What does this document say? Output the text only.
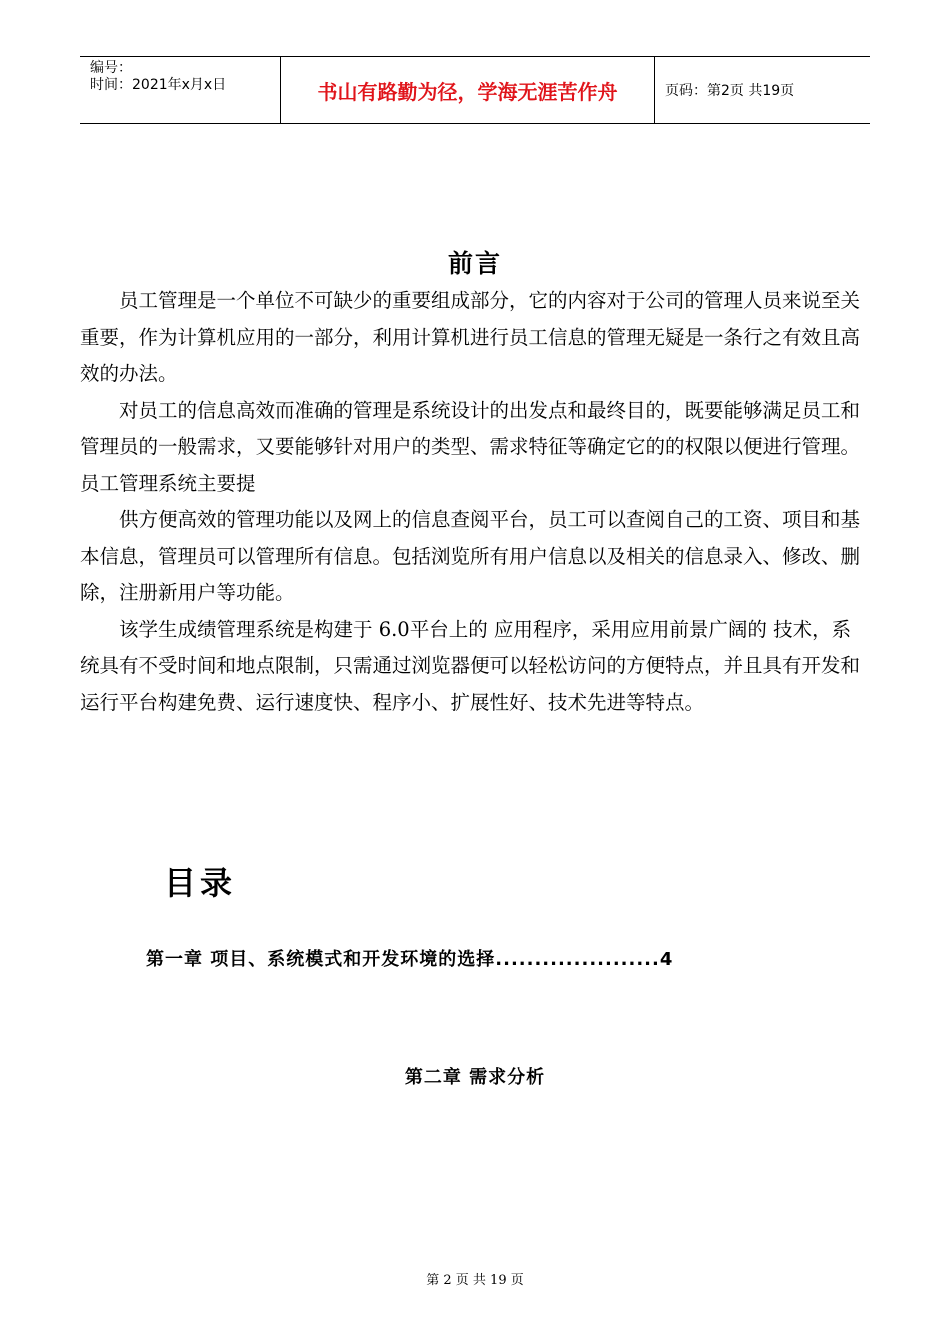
编号：
时间：2021年x月x日	书山有路勤为径，学海无涯苦作舟	页码：第2页 共19页
前言

员工管理是一个单位不可缺少的重要组成部分，它的内容对于公司的管理人员来说至关重要，作为计算机应用的一部分，利用计算机进行员工信息的管理无疑是一条行之有效且高效的办法。

对员工的信息高效而准确的管理是系统设计的出发点和最终目的，既要能够满足员工和管理员的一般需求，又要能够针对用户的类型、需求特征等确定它的的权限以便进行管理。员工管理系统主要提

供方便高效的管理功能以及网上的信息查阅平台，员工可以查阅自己的工资、项目和基本信息，管理员可以管理所有信息。包括浏览所有用户信息以及相关的信息录入、修改、删除，注册新用户等功能。

该学生成绩管理系统是构建于 6.0平台上的 应用程序，采用应用前景广阔的 技术，系统具有不受时间和地点限制，只需通过浏览器便可以轻松访问的方便特点，并且具有开发和运行平台构建免费、运行速度快、程序小、扩展性好、技术先进等特点。

目录
第一章 项目、系统模式和开发环境的选择.....................4
第二章 需求分析
第 2 页 共 19 页
